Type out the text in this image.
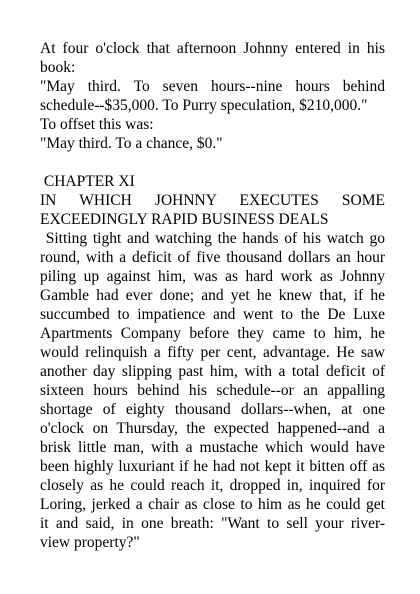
At four o'clock that afternoon Johnny entered in his
book:
"May third. To seven hours--nine hours behind
schedule--$35,000. To Purry speculation, $210,000."
To offset this was:
"May third. To a chance, $0."
CHAPTER XI
IN WHICH JOHNNY EXECUTES SOME
EXCEEDINGLY RAPID BUSINESS DEALS
Sitting tight and watching the hands of his watch go
round, with a deficit of five thousand dollars an hour
piling up against him, was as hard work as Johnny
Gamble had ever done; and yet he knew that, if he
succumbed to impatience and went to the De Luxe
Apartments Company before they came to him, he
would relinquish a fifty per cent, advantage. He saw
another day slipping past him, with a total deficit of
sixteen hours behind his schedule--or an appalling
shortage of eighty thousand dollars--when, at one
o'clock on Thursday, the expected happened--and a
brisk little man, with a mustache which would have
been highly luxuriant if he had not kept it bitten off as
closely as he could reach it, dropped in, inquired for
Loring, jerked a chair as close to him as he could get
it and said, in one breath: "Want to sell your river-
view property?"
